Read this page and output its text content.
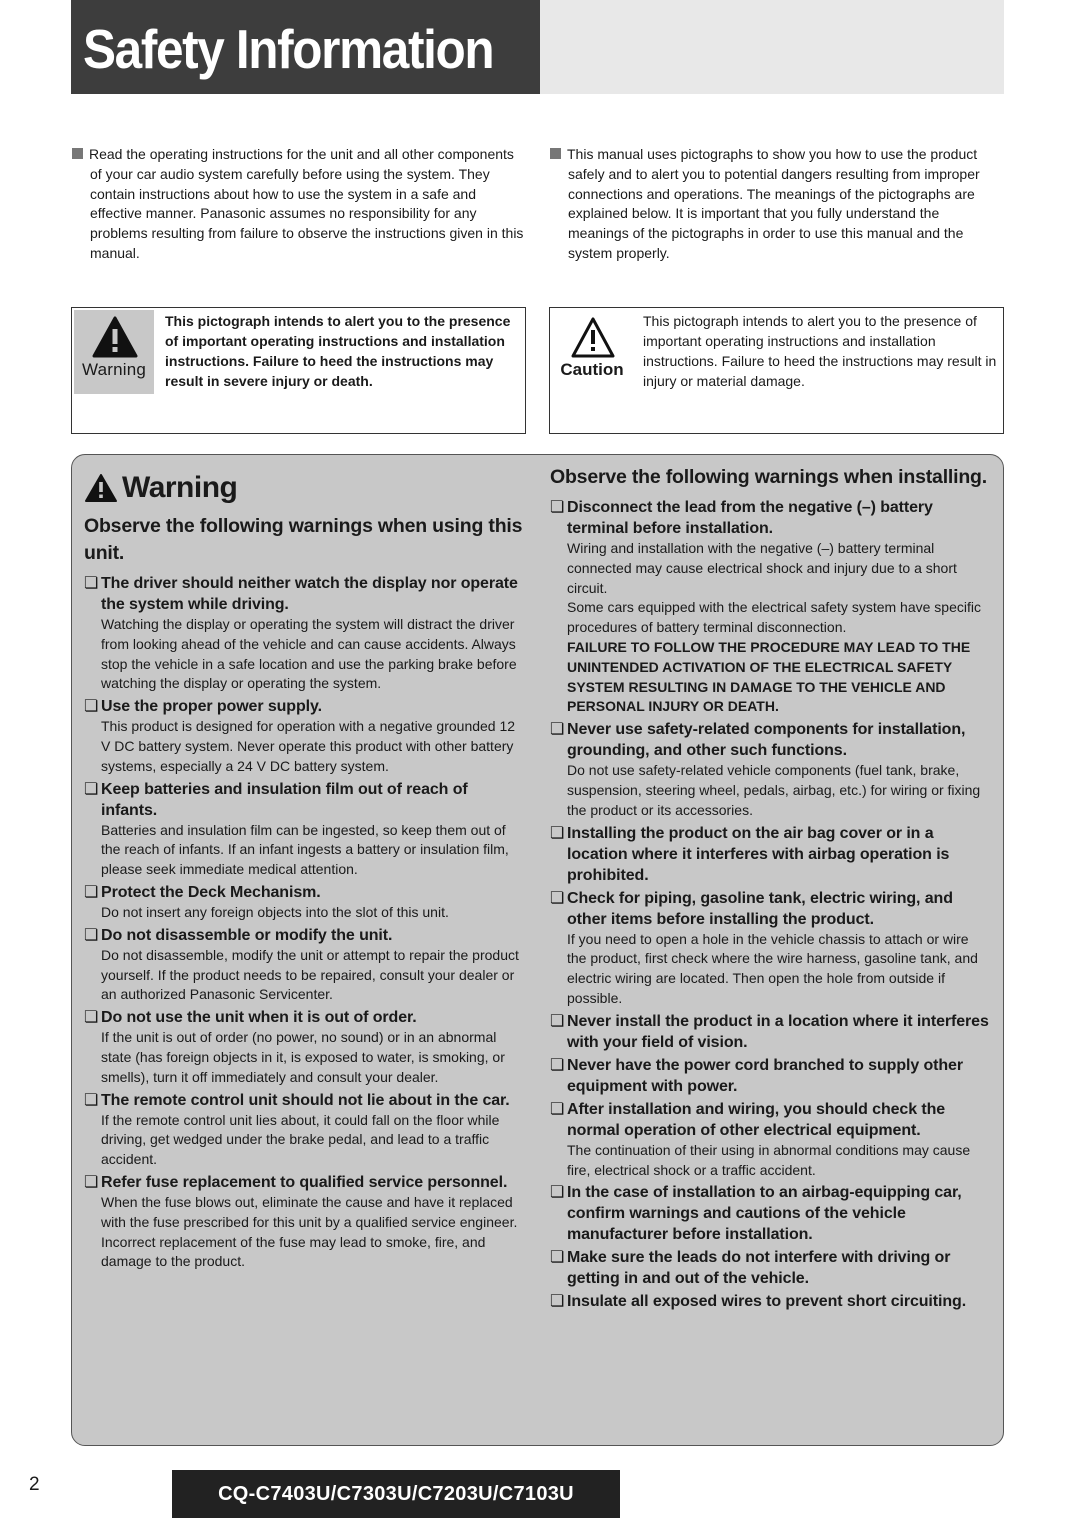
Safety Information

Read the operating instructions for the unit and all other components of your car audio system carefully before using the system. They contain instructions about how to use the system in a safe and effective manner. Panasonic assumes no responsibility for any problems resulting from failure to observe the instructions given in this manual.

This manual uses pictographs to show you how to use the product safely and to alert you to potential dangers resulting from improper connections and operations. The meanings of the pictographs are explained below. It is important that you fully understand the meanings of the pictographs in order to use this manual and the system properly.

Warning
This pictograph intends to alert you to the presence of important operating instructions and installation instructions. Failure to heed the instructions may result in severe injury or death.
Caution
This pictograph intends to alert you to the presence of important operating instructions and installation instructions. Failure to heed the instructions may result in injury or material damage.
Warning
Observe the following warnings when using this unit.

❏ The driver should neither watch the display nor operate the system while driving.

Watching the display or operating the system will distract the driver from looking ahead of the vehicle and can cause accidents. Always stop the vehicle in a safe location and use the parking brake before watching the display or operating the system.

❏ Use the proper power supply.

This product is designed for operation with a negative grounded 12 V DC battery system. Never operate this product with other battery systems, especially a 24 V DC battery system.

❏ Keep batteries and insulation film out of reach of infants.

Batteries and insulation film can be ingested, so keep them out of the reach of infants. If an infant ingests a battery or insulation film, please seek immediate medical attention.

❏ Protect the Deck Mechanism.

Do not insert any foreign objects into the slot of this unit.

❏ Do not disassemble or modify the unit.

Do not disassemble, modify the unit or attempt to repair the product yourself. If the product needs to be repaired, consult your dealer or an authorized Panasonic Servicenter.

❏ Do not use the unit when it is out of order.

If the unit is out of order (no power, no sound) or in an abnormal state (has foreign objects in it, is exposed to water, is smoking, or smells), turn it off immediately and consult your dealer.

❏ The remote control unit should not lie about in the car.

If the remote control unit lies about, it could fall on the floor while driving, get wedged under the brake pedal, and lead to a traffic accident.

❏ Refer fuse replacement to qualified service personnel.

When the fuse blows out, eliminate the cause and have it replaced with the fuse prescribed for this unit by a qualified service engineer. Incorrect replacement of the fuse may lead to smoke, fire, and damage to the product.

Observe the following warnings when installing.

❏ Disconnect the lead from the negative (–) battery terminal before installation.

Wiring and installation with the negative (–) battery terminal connected may cause electrical shock and injury due to a short circuit.

Some cars equipped with the electrical safety system have specific procedures of battery terminal disconnection.

FAILURE TO FOLLOW THE PROCEDURE MAY LEAD TO THE UNINTENDED ACTIVATION OF THE ELECTRICAL SAFETY SYSTEM RESULTING IN DAMAGE TO THE VEHICLE AND PERSONAL INJURY OR DEATH.

❏ Never use safety-related components for installation, grounding, and other such functions.

Do not use safety-related vehicle components (fuel tank, brake, suspension, steering wheel, pedals, airbag, etc.) for wiring or fixing the product or its accessories.

❏ Installing the product on the air bag cover or in a location where it interferes with airbag operation is prohibited.

❏ Check for piping, gasoline tank, electric wiring, and other items before installing the product.

If you need to open a hole in the vehicle chassis to attach or wire the product, first check where the wire harness, gasoline tank, and electric wiring are located. Then open the hole from outside if possible.

❏ Never install the product in a location where it interferes with your field of vision.

❏ Never have the power cord branched to supply other equipment with power.

❏ After installation and wiring, you should check the normal operation of other electrical equipment.

The continuation of their using in abnormal conditions may cause fire, electrical shock or a traffic accident.

❏ In the case of installation to an airbag-equipping car, confirm warnings and cautions of the vehicle manufacturer before installation.

❏ Make sure the leads do not interfere with driving or getting in and out of the vehicle.

❏ Insulate all exposed wires to prevent short circuiting.

2	CQ-C7403U/C7303U/C7203U/C7103U
